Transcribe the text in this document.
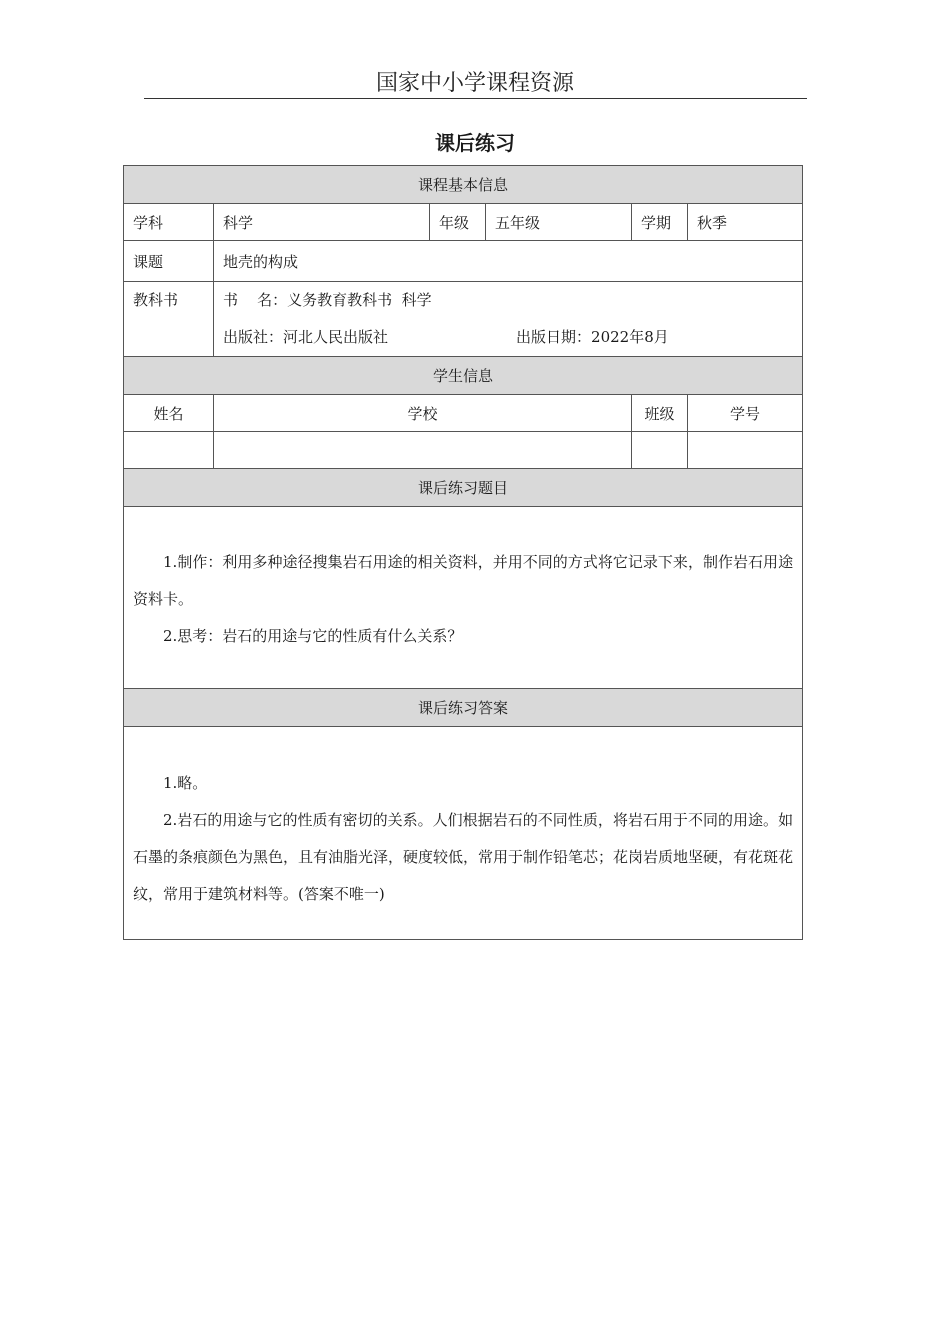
国家中小学课程资源
课后练习
课程基本信息					
学科	科学	年级	五年级	学期	秋季
课题	地壳的构成				

教科书	书    名：义务教育教科书  科学
出版社：河北人民出版社 出版日期：2022年8月				

学生信息					
姓名	学校			班级	学号

课后练习题目					

1.制作：利用多种途径搜集岩石用途的相关资料，并用不同的方式将它记录下来，制作岩石用途资料卡。

2.思考：岩石的用途与它的性质有什么关系？					

课后练习答案					

1.略。

2.岩石的用途与它的性质有密切的关系。人们根据岩石的不同性质，将岩石用于不同的用途。如石墨的条痕颜色为黑色，且有油脂光泽，硬度较低，常用于制作铅笔芯；花岗岩质地坚硬，有花斑花纹，常用于建筑材料等。(答案不唯一)					
